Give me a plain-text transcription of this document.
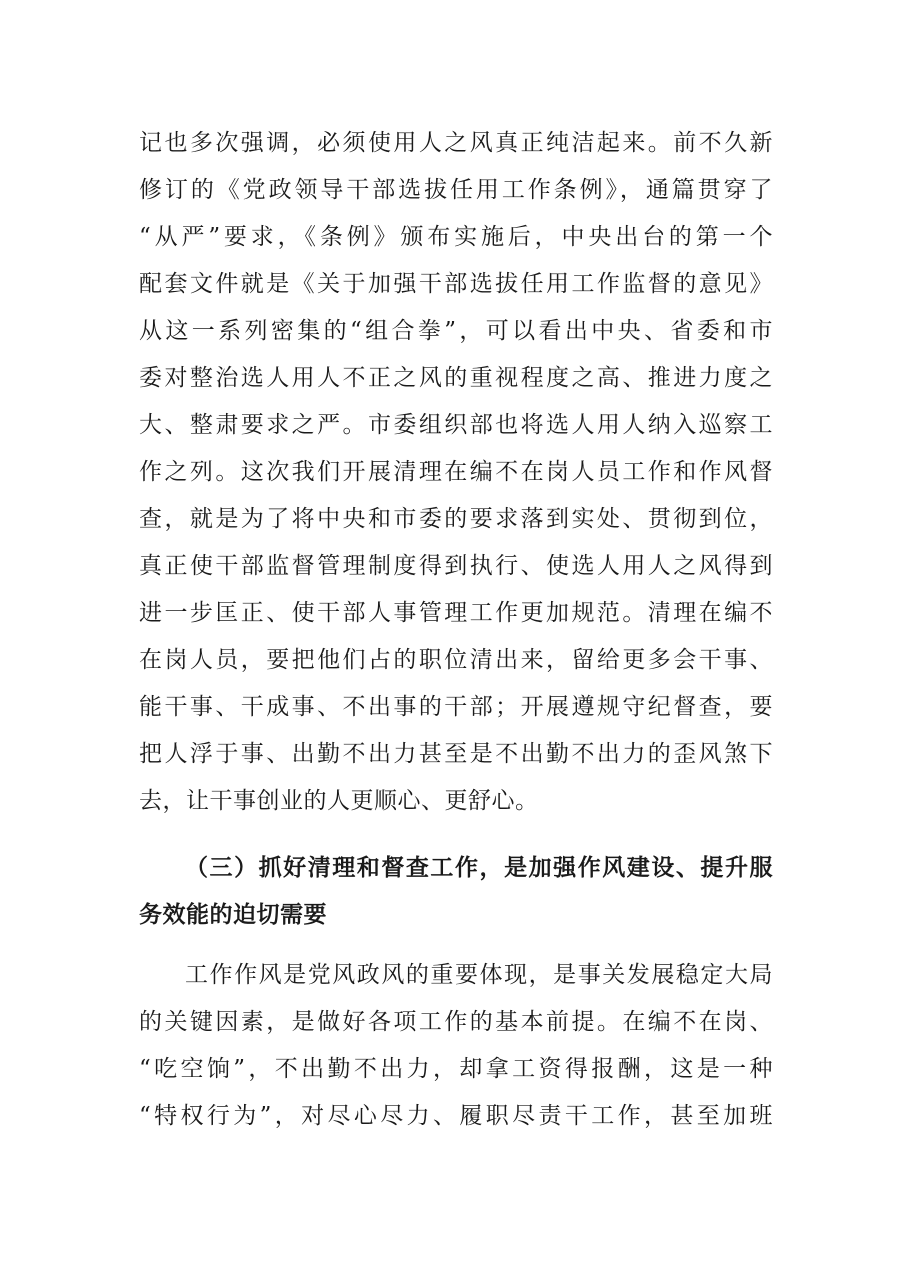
记也多次强调，必须使用人之风真正纯洁起来。前不久新
修订的《党政领导干部选拔任用工作条例》，通篇贯穿了
“从严”要求，《条例》颁布实施后，中央出台的第一个
配套文件就是《关于加强干部选拔任用工作监督的意见》
从这一系列密集的“组合拳”，可以看出中央、省委和市
委对整治选人用人不正之风的重视程度之高、推进力度之
大、整肃要求之严。市委组织部也将选人用人纳入巡察工
作之列。这次我们开展清理在编不在岗人员工作和作风督
查，就是为了将中央和市委的要求落到实处、贯彻到位，
真正使干部监督管理制度得到执行、使选人用人之风得到
进一步匡正、使干部人事管理工作更加规范。清理在编不
在岗人员，要把他们占的职位清出来，留给更多会干事、
能干事、干成事、不出事的干部；开展遵规守纪督查，要
把人浮于事、出勤不出力甚至是不出勤不出力的歪风煞下
去，让干事创业的人更顺心、更舒心。
（三）抓好清理和督查工作，是加强作风建设、提升服
务效能的迫切需要
工作作风是党风政风的重要体现，是事关发展稳定大局
的关键因素，是做好各项工作的基本前提。在编不在岗、
“吃空饷”，不出勤不出力，却拿工资得报酬，这是一种
“特权行为”，对尽心尽力、履职尽责干工作，甚至加班
